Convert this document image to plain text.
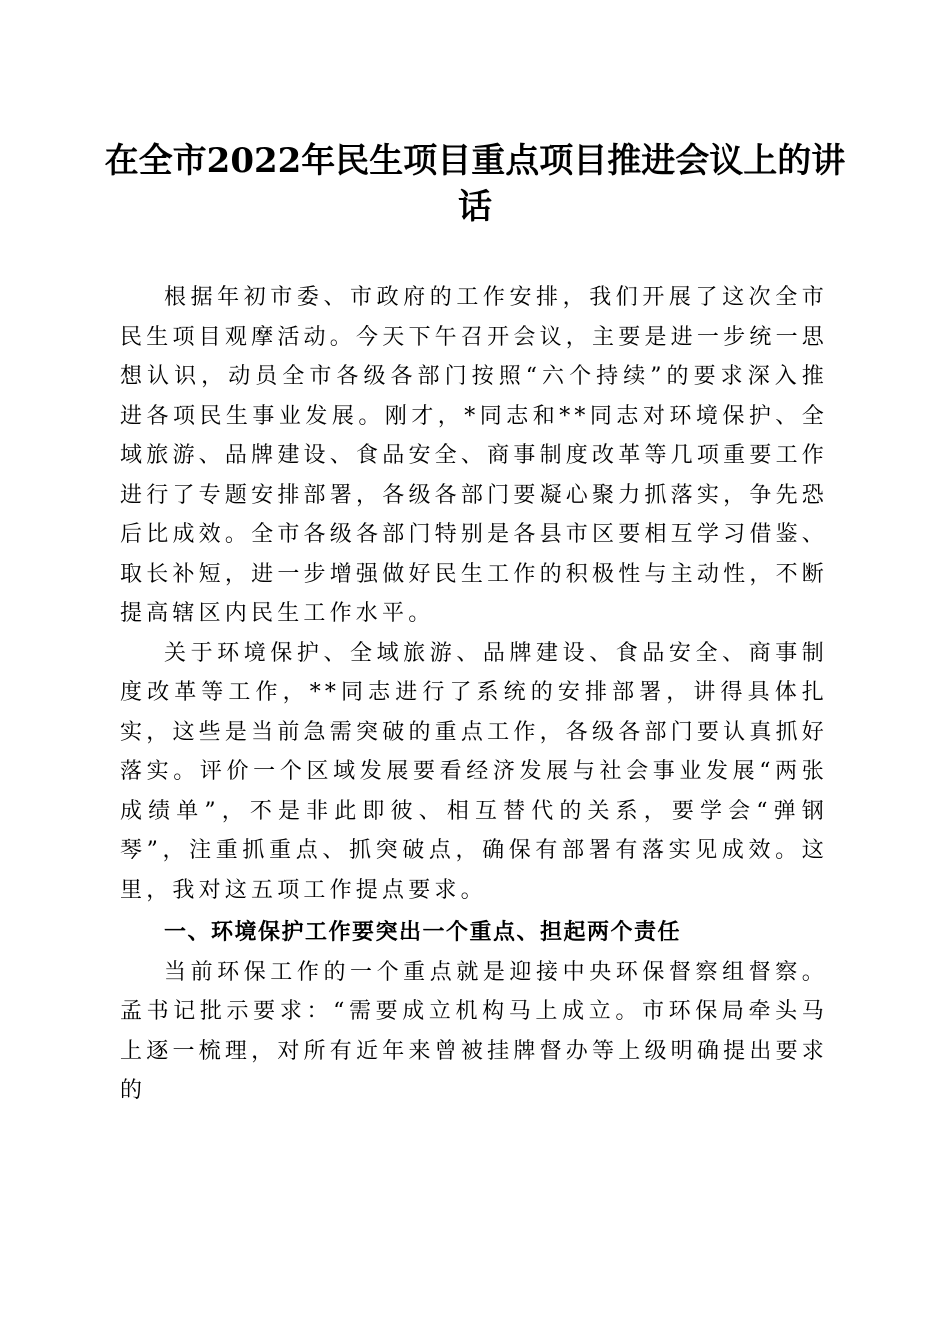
在全市2022年民生项目重点项目推进会议上的讲话

根据年初市委、市政府的工作安排，我们开展了这次全市民生项目观摩活动。今天下午召开会议，主要是进一步统一思想认识，动员全市各级各部门按照“六个持续”的要求深入推进各项民生事业发展。刚才，*同志和**同志对环境保护、全域旅游、品牌建设、食品安全、商事制度改革等几项重要工作进行了专题安排部署，各级各部门要凝心聚力抓落实，争先恐后比成效。全市各级各部门特别是各县市区要相互学习借鉴、取长补短，进一步增强做好民生工作的积极性与主动性，不断提高辖区内民生工作水平。

关于环境保护、全域旅游、品牌建设、食品安全、商事制度改革等工作，**同志进行了系统的安排部署，讲得具体扎实，这些是当前急需突破的重点工作，各级各部门要认真抓好落实。评价一个区域发展要看经济发展与社会事业发展“两张成绩单”，不是非此即彼、相互替代的关系，要学会“弹钢琴”，注重抓重点、抓突破点，确保有部署有落实见成效。这里，我对这五项工作提点要求。

一、环境保护工作要突出一个重点、担起两个责任

当前环保工作的一个重点就是迎接中央环保督察组督察。孟书记批示要求：“需要成立机构马上成立。市环保局牵头马上逐一梳理，对所有近年来曾被挂牌督办等上级明确提出要求的
